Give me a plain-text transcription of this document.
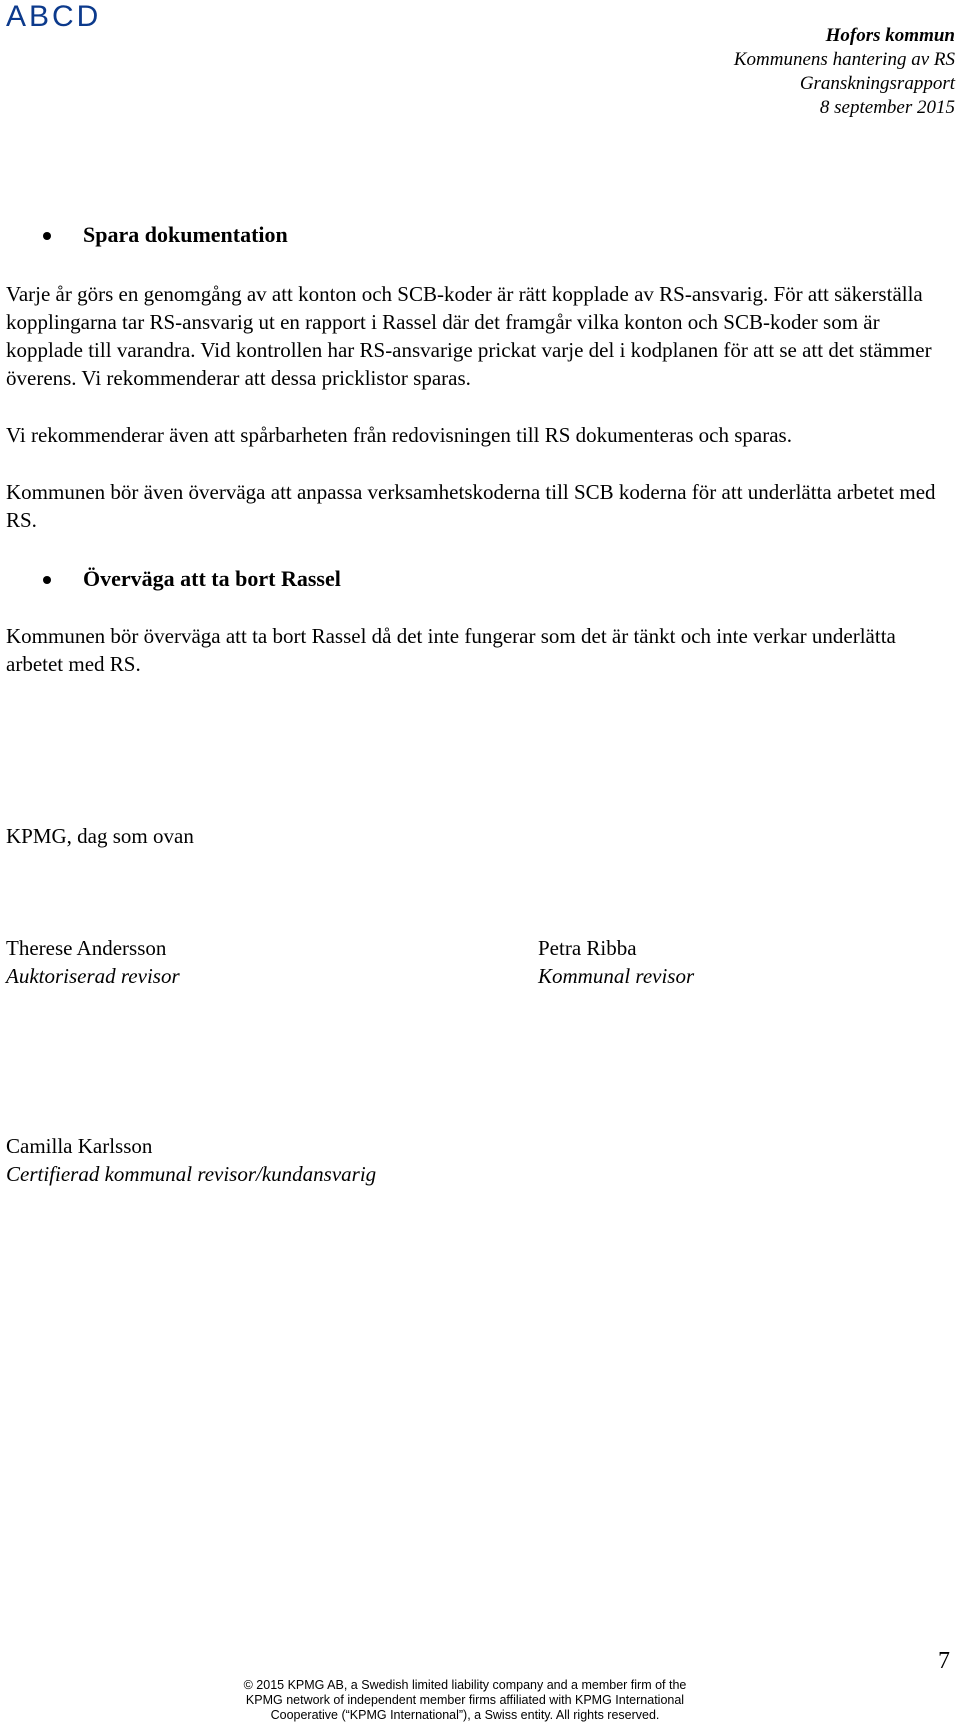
ABCD
Hofors kommun
Kommunens hantering av RS
Granskningsrapport
8 september 2015
Spara dokumentation
Varje år görs en genomgång av att konton och SCB-koder är rätt kopplade av RS-ansvarig. För att säkerställa kopplingarna tar RS-ansvarig ut en rapport i Rassel där det framgår vilka konton och SCB-koder som är kopplade till varandra. Vid kontrollen har RS-ansvarige prickat varje del i kodplanen för att se att det stämmer överens. Vi rekommenderar att dessa pricklistor sparas.
Vi rekommenderar även att spårbarheten från redovisningen till RS dokumenteras och sparas.
Kommunen bör även överväga att anpassa verksamhetskoderna till SCB koderna för att underlätta arbetet med RS.
Överväga att ta bort Rassel
Kommunen bör överväga att ta bort Rassel då det inte fungerar som det är tänkt och inte verkar underlätta arbetet med RS.
KPMG, dag som ovan
Therese Andersson
Auktoriserad revisor
Petra Ribba
Kommunal revisor
Camilla Karlsson
Certifierad kommunal revisor/kundansvarig
7
© 2015 KPMG AB, a Swedish limited liability company and a member firm of the
KPMG network of independent member firms affiliated with KPMG International
Cooperative (“KPMG International”), a Swiss entity. All rights reserved.
